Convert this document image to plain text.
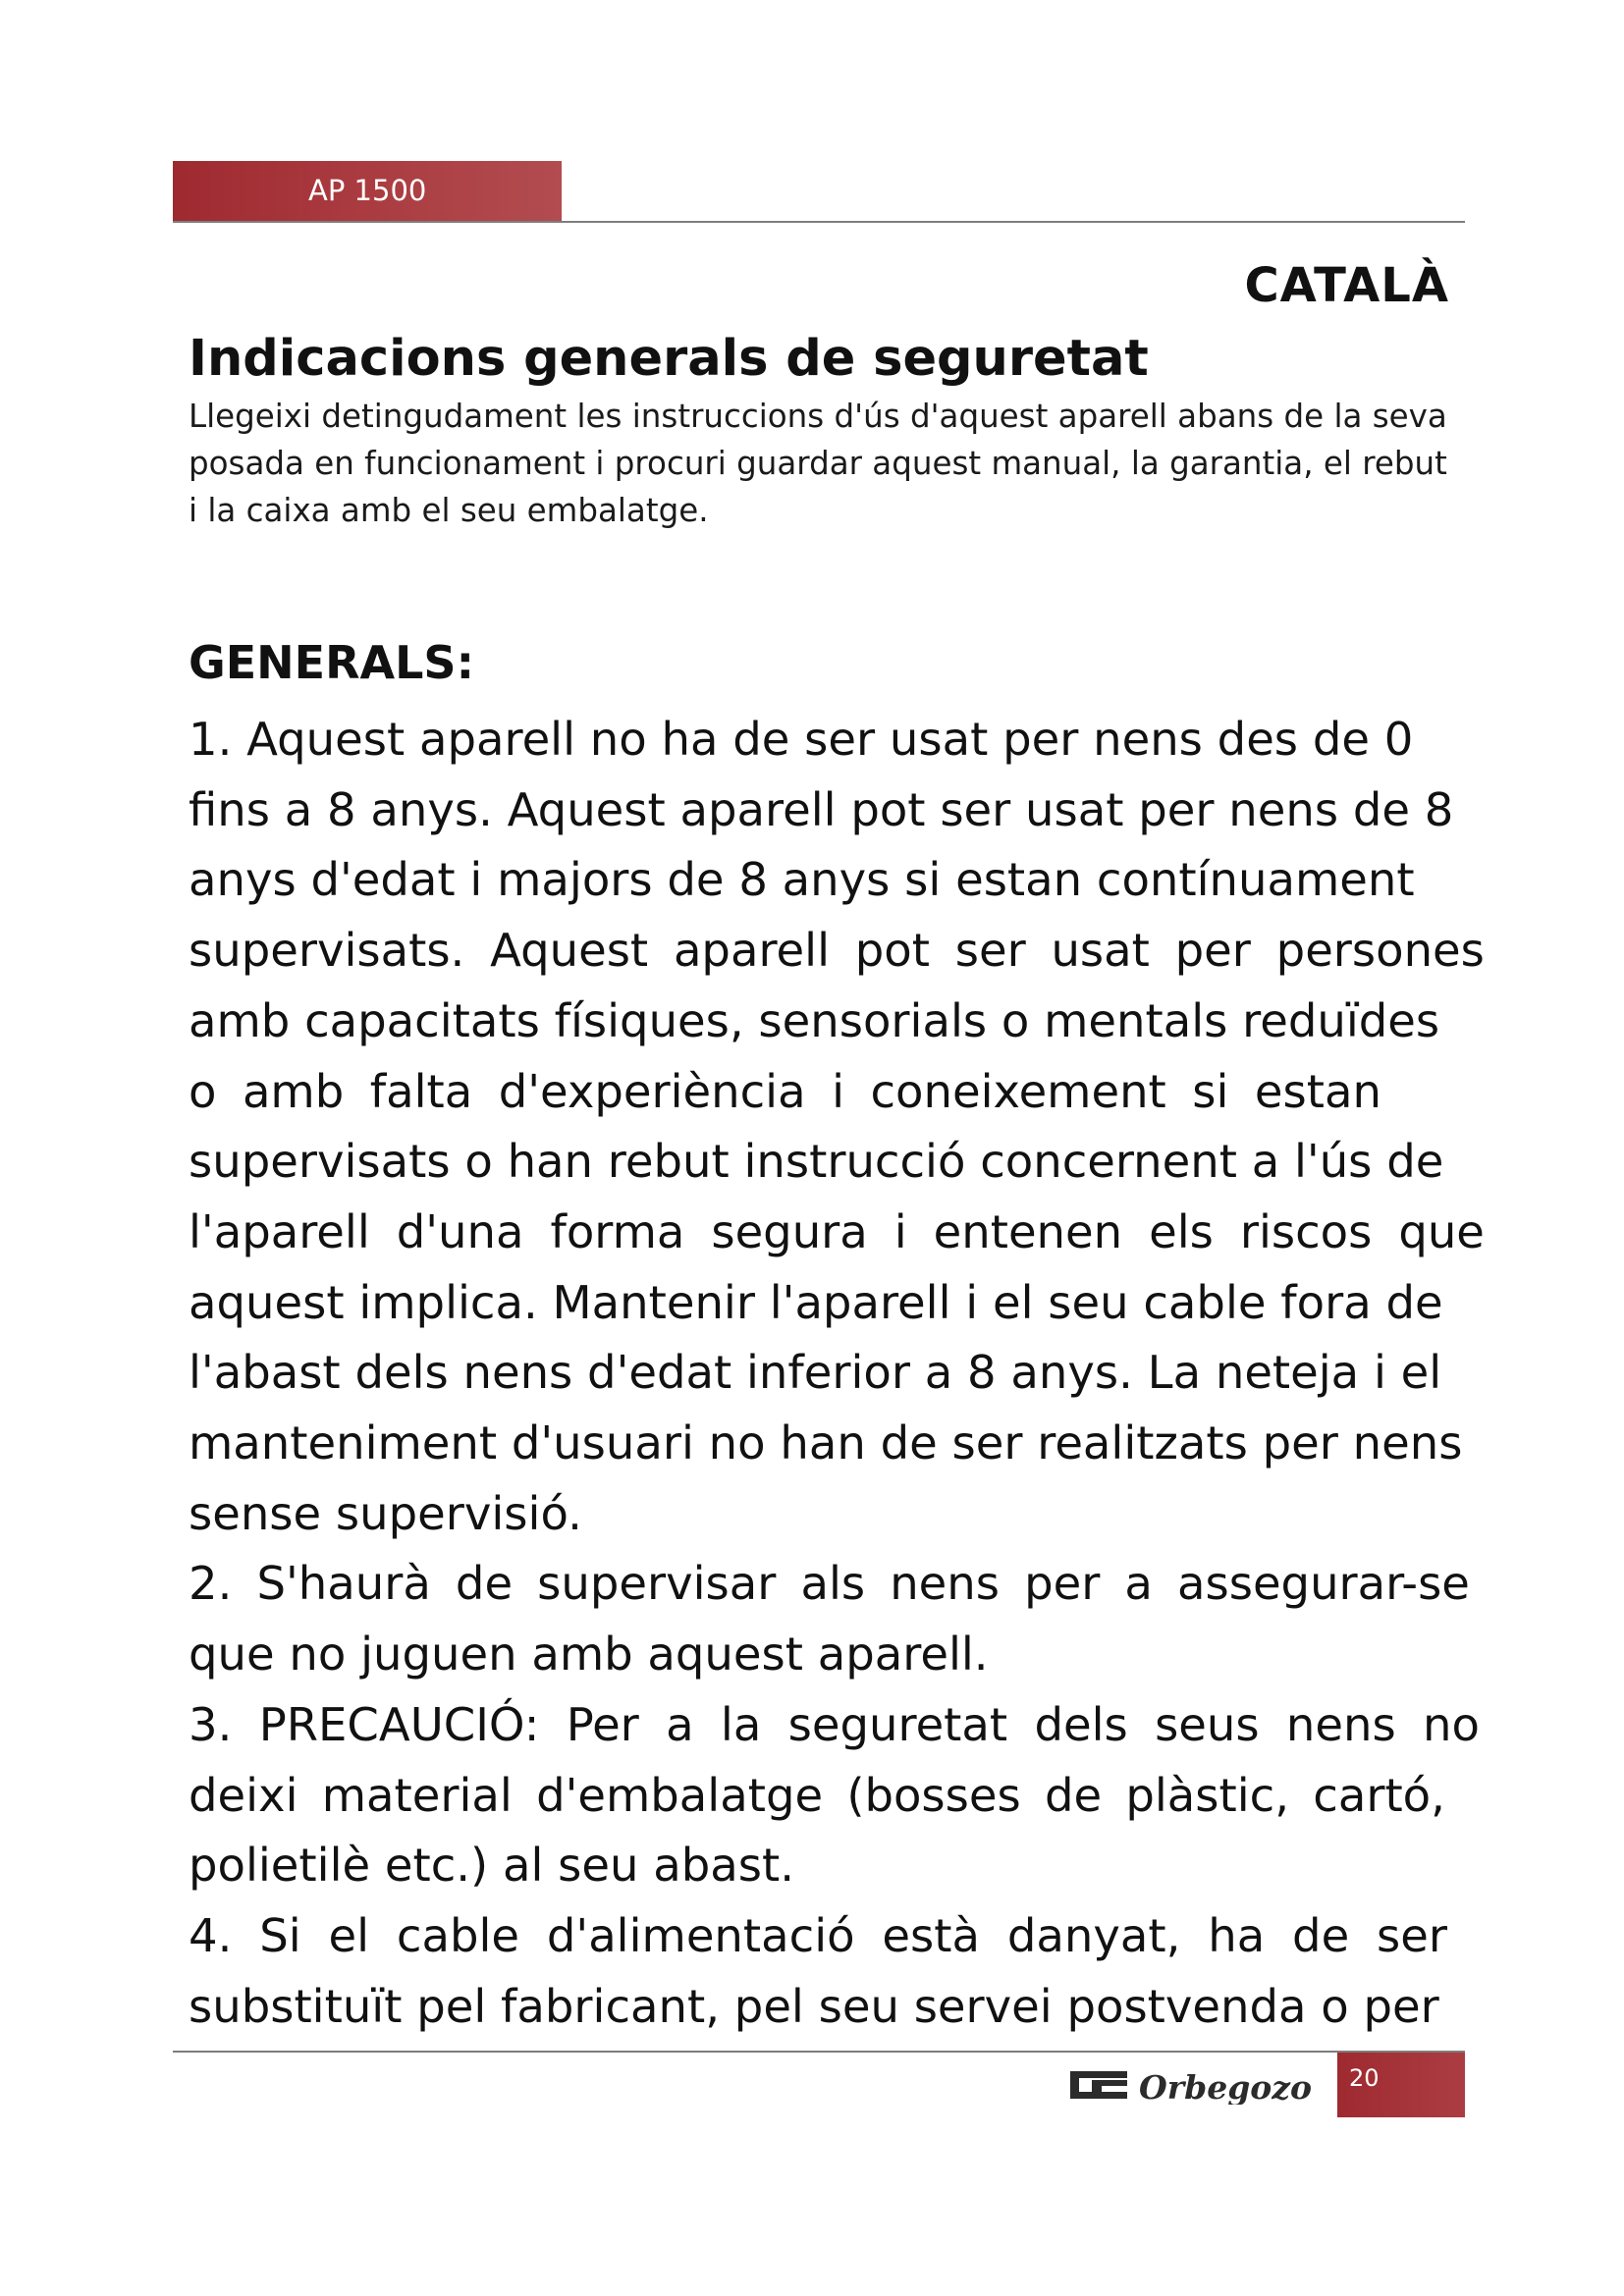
AP 1500
CATALÀ
Indicacions generals de seguretat
Llegeixi detingudament les instruccions d'ús d'aquest aparell abans de la seva
posada en funcionament i procuri guardar aquest manual, la garantia, el rebut
i la caixa amb el seu embalatge.
GENERALS:
1. Aquest aparell no ha de ser usat per nens des de 0
fins a 8 anys. Aquest aparell pot ser usat per nens de 8
anys d'edat i majors de 8 anys si estan contínuament
supervisats. Aquest aparell pot ser usat per persones
amb capacitats físiques, sensorials o mentals reduïdes
o amb falta d'experiència i coneixement si estan
supervisats o han rebut instrucció concernent a l'ús de
l'aparell d'una forma segura i entenen els riscos que
aquest implica. Mantenir l'aparell i el seu cable fora de
l'abast dels nens d'edat inferior a 8 anys. La neteja i el
manteniment d'usuari no han de ser realitzats per nens
sense supervisió.
2. S'haurà de supervisar als nens per a assegurar-se
que no juguen amb aquest aparell.
3. PRECAUCIÓ: Per a la seguretat dels seus nens no
deixi material d'embalatge (bosses de plàstic, cartó,
polietilè etc.) al seu abast.
4. Si el cable d'alimentació està danyat, ha de ser
substituït pel fabricant, pel seu servei postvenda o per
Orbegozo	20
